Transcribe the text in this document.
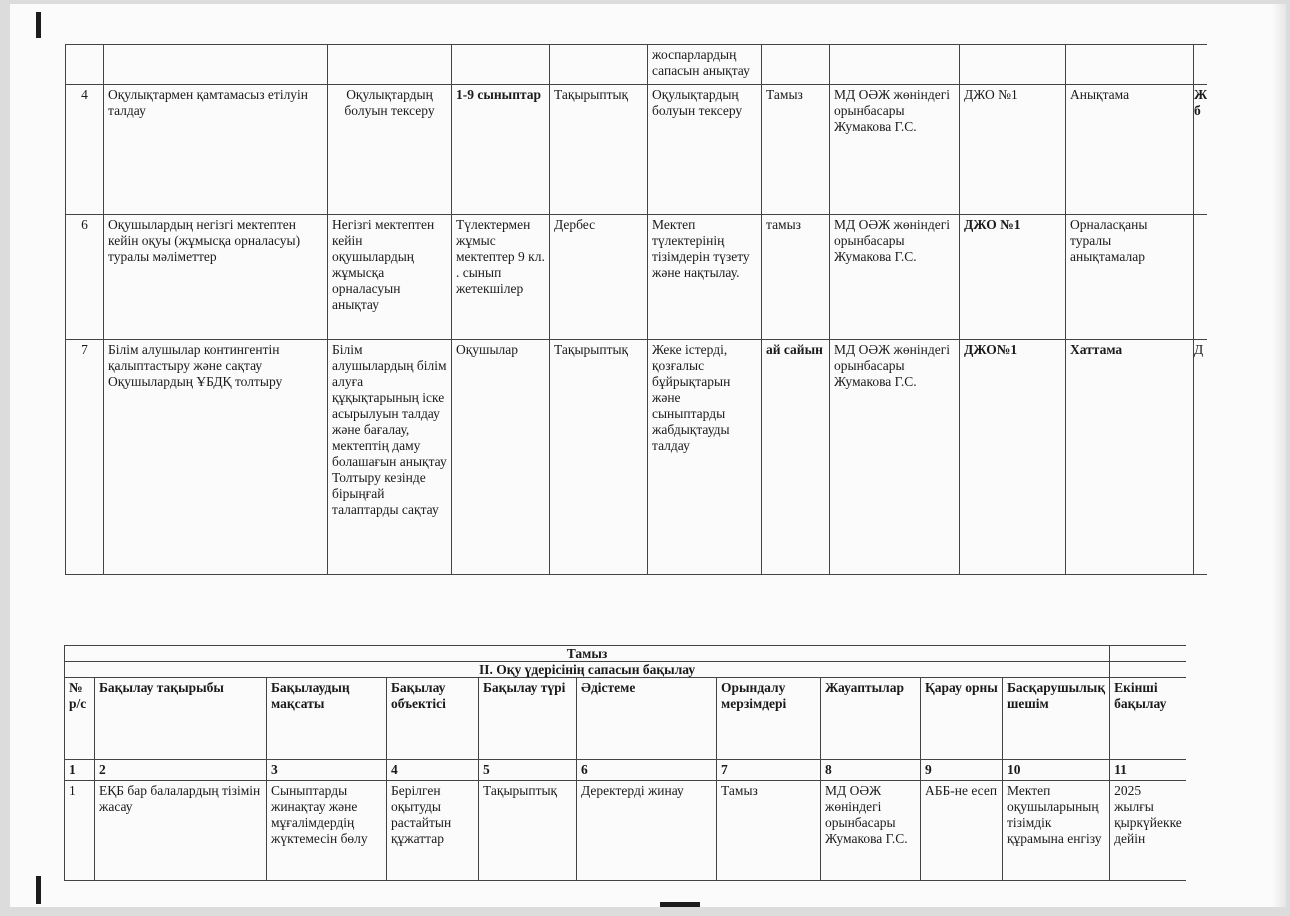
					жоспарлардың сапасын анықтау					
4	Оқулықтармен қамтамасыз етілуін талдау	Оқулықтардың болуын тексеру	1-9 сыныптар	Тақырыптық	Оқулықтардың болуын тексеру	Тамыз	МД ОӘЖ жөніндегі орынбасары Жумакова Г.С.	ДЖО №1	Анықтама	Ж б
6	Оқушылардың негізгі мектептен кейін оқуы (жұмысқа орналасуы) туралы мәліметтер	Негізгі мектептен кейін оқушылардың жұмысқа орналасуын анықтау	Түлектермен жұмыс мектептер 9 кл. . сынып жетекшілер	Дербес	Мектеп түлектерінің тізімдерін түзету және нақтылау.	тамыз	МД ОӘЖ жөніндегі орынбасары Жумакова Г.С.	ДЖО №1	Орналасқаны туралы анықтамалар	
7	Білім алушылар контингентін қалыптастыру және сақтау Оқушылардың ҰБДҚ толтыру	Білім алушылардың білім алуға құқықтарының іске асырылуын талдау және бағалау, мектептің даму болашағын анықтау Толтыру кезінде бірыңғай талаптарды сақтау	Оқушылар	Тақырыптық	Жеке істерді, қозғалыс бұйрықтарын және сыныптарды жабдықтауды талдау	ай сайын	МД ОӘЖ жөніндегі орынбасары Жумакова Г.С.	ДЖО№1	Хаттама	Д
Тамыз										
II. Оқу үдерісінің сапасын бақылау										
№ р/с	Бақылау тақырыбы	Бақылаудың мақсаты	Бақылау объектісі	Бақылау түрі	Әдістеме	Орындалу мерзімдері	Жауаптылар	Қарау орны	Басқарушылық шешім	Екінші бақылау
1	2	3	4	5	6	7	8	9	10	11
1	ЕҚБ бар балалардың тізімін жасау	Сыныптарды жинақтау және мұғалімдердің жүктемесін бөлу	Берілген оқытуды растайтын құжаттар	Тақырыптық	Деректерді жинау	Тамыз	МД ОӘЖ жөніндегі орынбасары Жумакова Г.С.	АББ-не есеп	Мектеп оқушыларының тізімдік құрамына енгізу	2025 жылғы қыркүйекке дейін
